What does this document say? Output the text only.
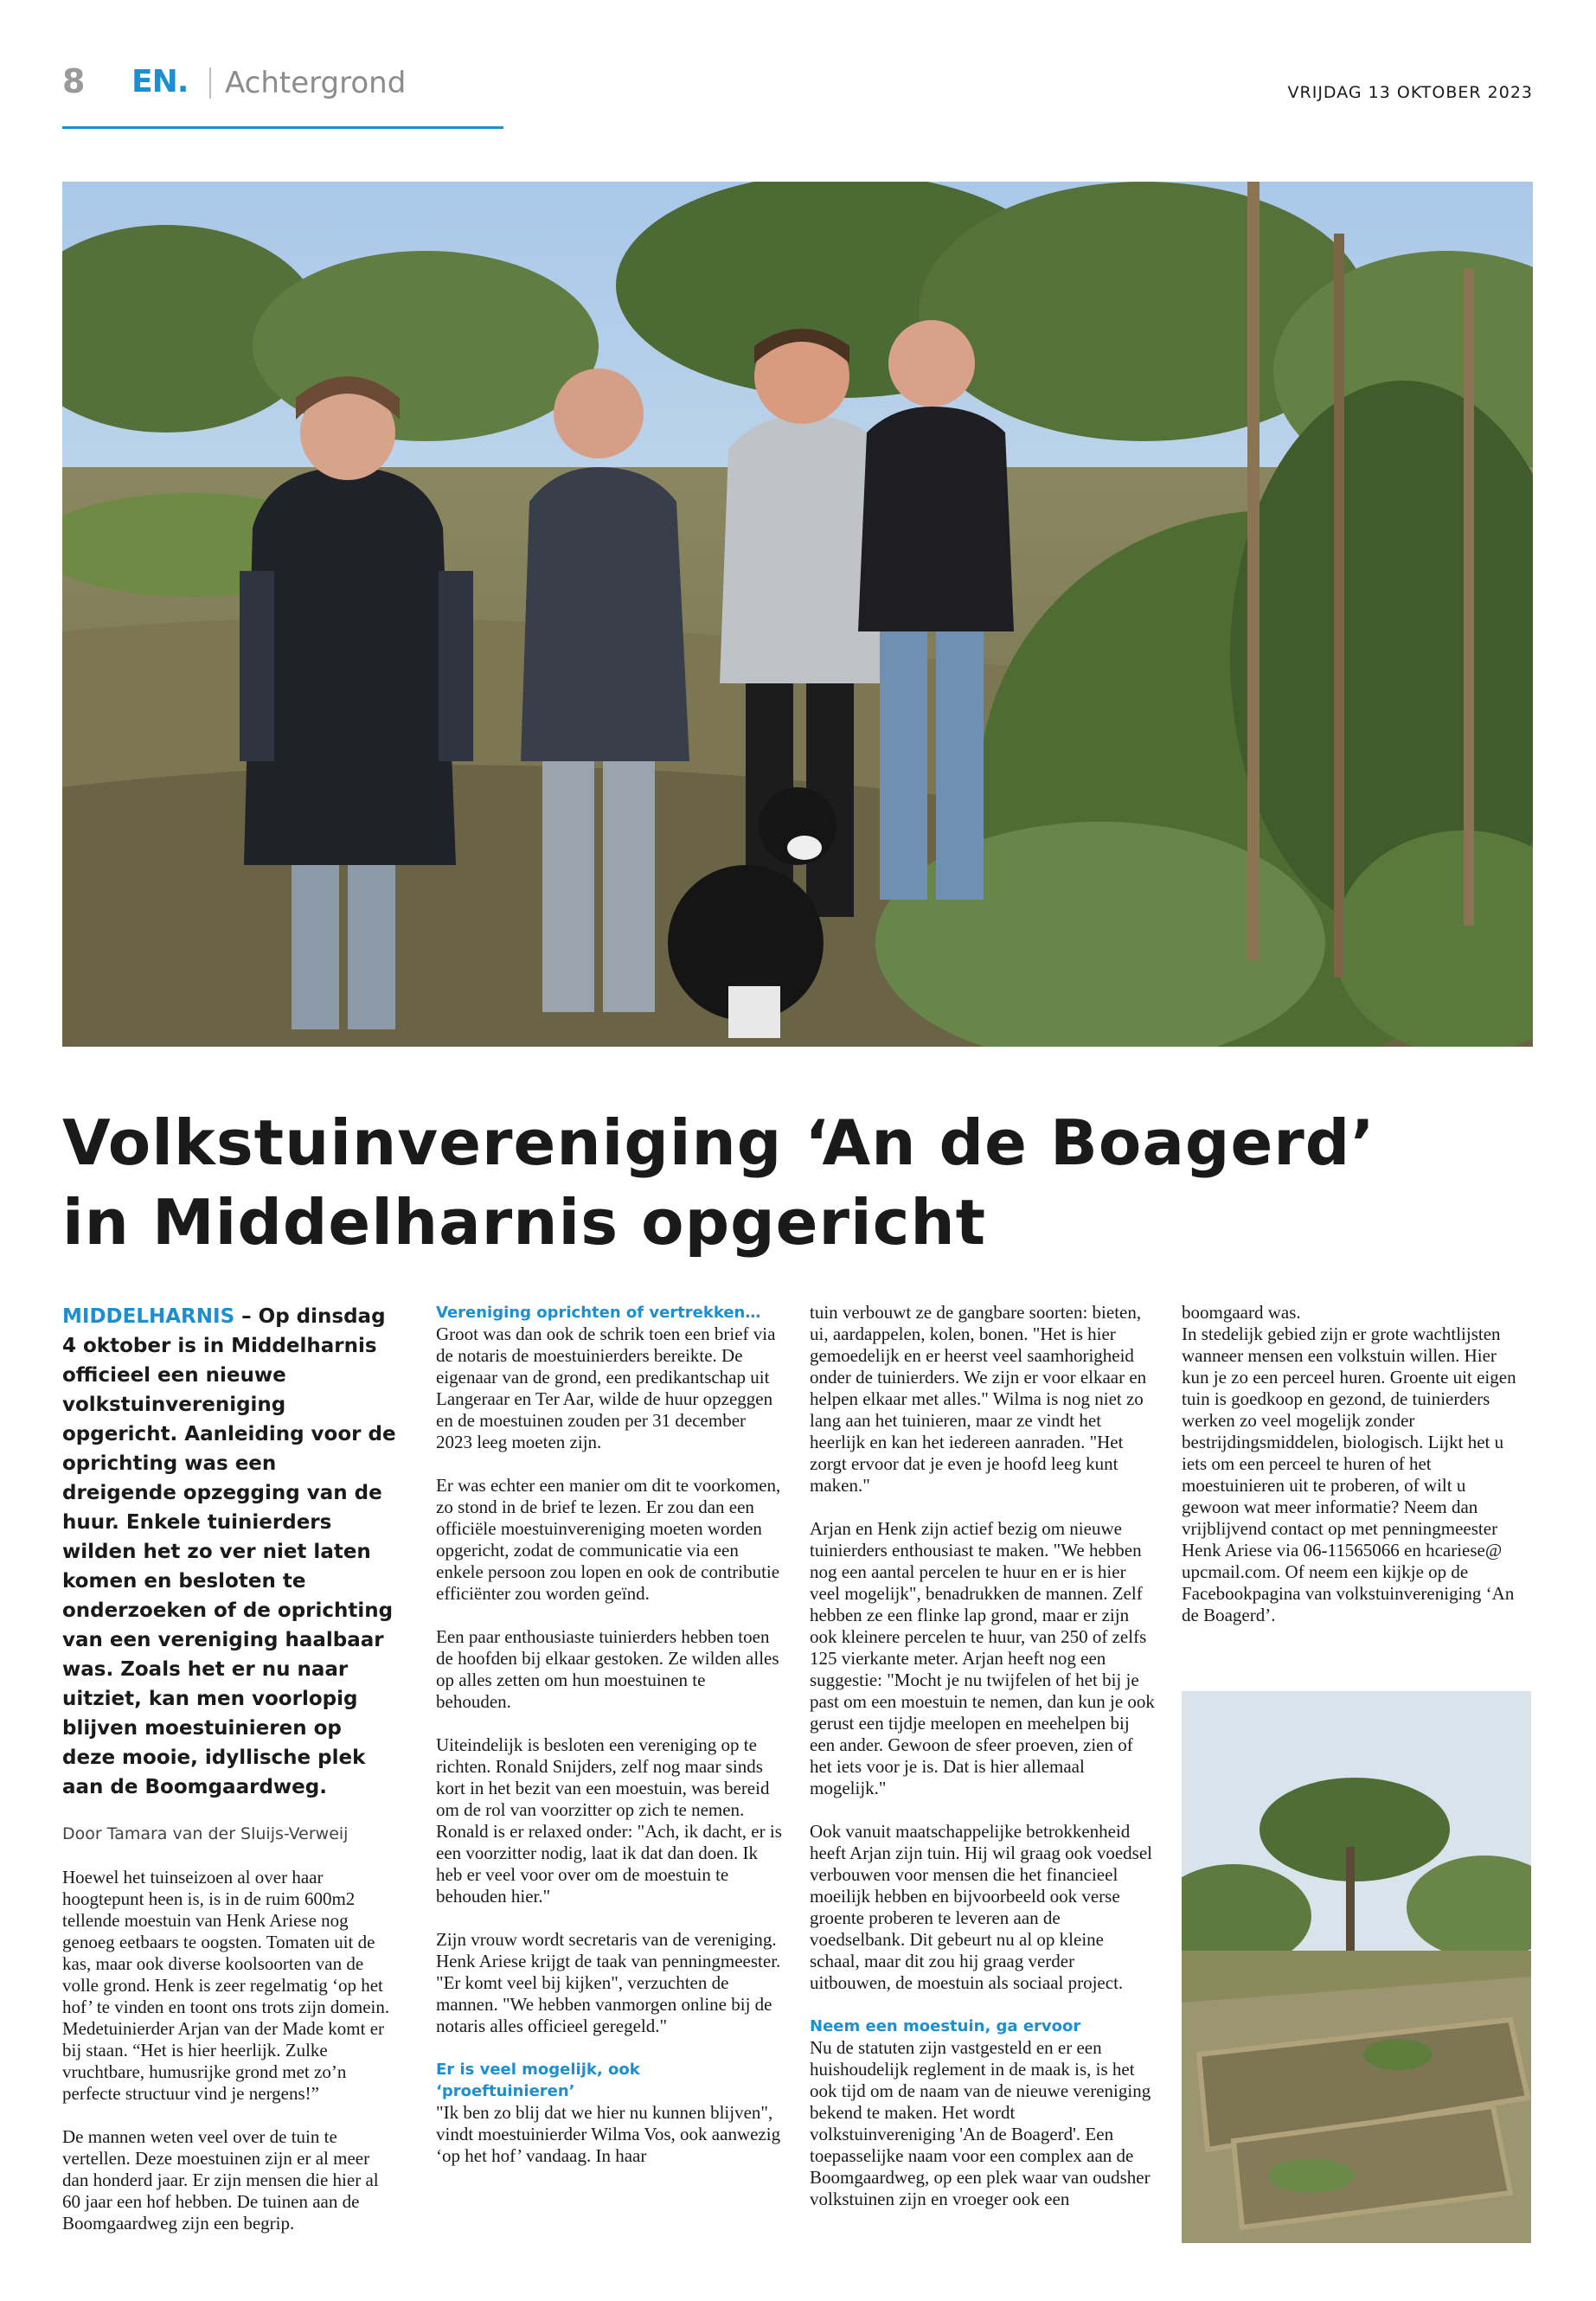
8 EN. Achtergrond	VRIJDAG 13 OKTOBER 2023
Volkstuinvereniging ‘An de Boagerd’
in Middelharnis opgericht

MIDDELHARNIS – Op dinsdag 4 oktober is in Middelharnis officieel een nieuwe volkstuinvereniging opgericht. Aanleiding voor de oprichting was een dreigende opzegging van de huur. Enkele tuinierders wilden het zo ver niet laten komen en besloten te onderzoeken of de oprichting van een vereniging haalbaar was. Zoals het er nu naar uitziet, kan men voorlopig blijven moestuinieren op deze mooie, idyllische plek aan de Boomgaardweg.

Door Tamara van der Sluijs-Verweij

Hoewel het tuinseizoen al over haar hoogtepunt heen is, is in de ruim 600m2 tellende moestuin van Henk Ariese nog genoeg eetbaars te oogsten. Tomaten uit de kas, maar ook diverse koolsoorten van de volle grond. Henk is zeer regelmatig ‘op het hof’ te vinden en toont ons trots zijn domein. Medetuinierder Arjan van der Made komt er bij staan. “Het is hier heerlijk. Zulke vruchtbare, humusrijke grond met zo’n perfecte structuur vind je nergens!”

De mannen weten veel over de tuin te vertellen. Deze moestuinen zijn er al meer dan honderd jaar. Er zijn mensen die hier al 60 jaar een hof hebben. De tuinen aan de Boomgaardweg zijn een begrip.

Vereniging oprichten of vertrekken…
Groot was dan ook de schrik toen een brief via de notaris de moestuinierders bereikte. De eigenaar van de grond, een predikantschap uit Langeraar en Ter Aar, wilde de huur opzeggen en de moestuinen zouden per 31 december 2023 leeg moeten zijn.

Er was echter een manier om dit te voorkomen, zo stond in de brief te lezen. Er zou dan een officiële moestuinvereniging moeten worden opgericht, zodat de communicatie via een enkele persoon zou lopen en ook de contributie efficiënter zou worden geïnd.

Een paar enthousiaste tuinierders hebben toen de hoofden bij elkaar gestoken. Ze wilden alles op alles zetten om hun moestuinen te behouden.

Uiteindelijk is besloten een vereniging op te richten. Ronald Snijders, zelf nog maar sinds kort in het bezit van een moestuin, was bereid om de rol van voorzitter op zich te nemen. Ronald is er relaxed onder: "Ach, ik dacht, er is een voorzitter nodig, laat ik dat dan doen. Ik heb er veel voor over om de moestuin te behouden hier."

Zijn vrouw wordt secretaris van de vereniging. Henk Ariese krijgt de taak van penningmeester. "Er komt veel bij kijken", verzuchten de mannen. "We hebben vanmorgen online bij de notaris alles officieel geregeld."

Er is veel mogelijk, ook ‘proeftuinieren’
"Ik ben zo blij dat we hier nu kunnen blijven", vindt moestuinierder Wilma Vos, ook aanwezig ‘op het hof’ vandaag. In haar

tuin verbouwt ze de gangbare soorten: bieten, ui, aardappelen, kolen, bonen. "Het is hier gemoedelijk en er heerst veel saamhorigheid onder de tuinierders. We zijn er voor elkaar en helpen elkaar met alles." Wilma is nog niet zo lang aan het tuinieren, maar ze vindt het heerlijk en kan het iedereen aanraden. "Het zorgt ervoor dat je even je hoofd leeg kunt maken."

Arjan en Henk zijn actief bezig om nieuwe tuinierders enthousiast te maken. "We hebben nog een aantal percelen te huur en er is hier veel mogelijk", benadrukken de mannen. Zelf hebben ze een flinke lap grond, maar er zijn ook kleinere percelen te huur, van 250 of zelfs 125 vierkante meter. Arjan heeft nog een suggestie: "Mocht je nu twijfelen of het bij je past om een moestuin te nemen, dan kun je ook gerust een tijdje meelopen en meehelpen bij een ander. Gewoon de sfeer proeven, zien of het iets voor je is. Dat is hier allemaal mogelijk."

Ook vanuit maatschappelijke betrokkenheid heeft Arjan zijn tuin. Hij wil graag ook voedsel verbouwen voor mensen die het financieel moeilijk hebben en bijvoorbeeld ook verse groente proberen te leveren aan de voedselbank. Dit gebeurt nu al op kleine schaal, maar dit zou hij graag verder uitbouwen, de moestuin als sociaal project.

Neem een moestuin, ga ervoor
Nu de statuten zijn vastgesteld en er een huishoudelijk reglement in de maak is, is het ook tijd om de naam van de nieuwe vereniging bekend te maken. Het wordt volkstuinvereniging 'An de Boagerd'. Een toepasselijke naam voor een complex aan de Boomgaardweg, op een plek waar van oudsher volkstuinen zijn en vroeger ook een

boomgaard was.

In stedelijk gebied zijn er grote wachtlijsten wanneer mensen een volkstuin willen. Hier kun je zo een perceel huren. Groente uit eigen tuin is goedkoop en gezond, de tuinierders werken zo veel mogelijk zonder bestrijdingsmiddelen, biologisch. Lijkt het u iets om een perceel te huren of het moestuinieren uit te proberen, of wilt u gewoon wat meer informatie? Neem dan vrijblijvend contact op met penningmeester Henk Ariese via 06-11565066 en hcariese@ upcmail.com. Of neem een kijkje op de Facebookpagina van volkstuinvereniging ‘An de Boagerd’.
